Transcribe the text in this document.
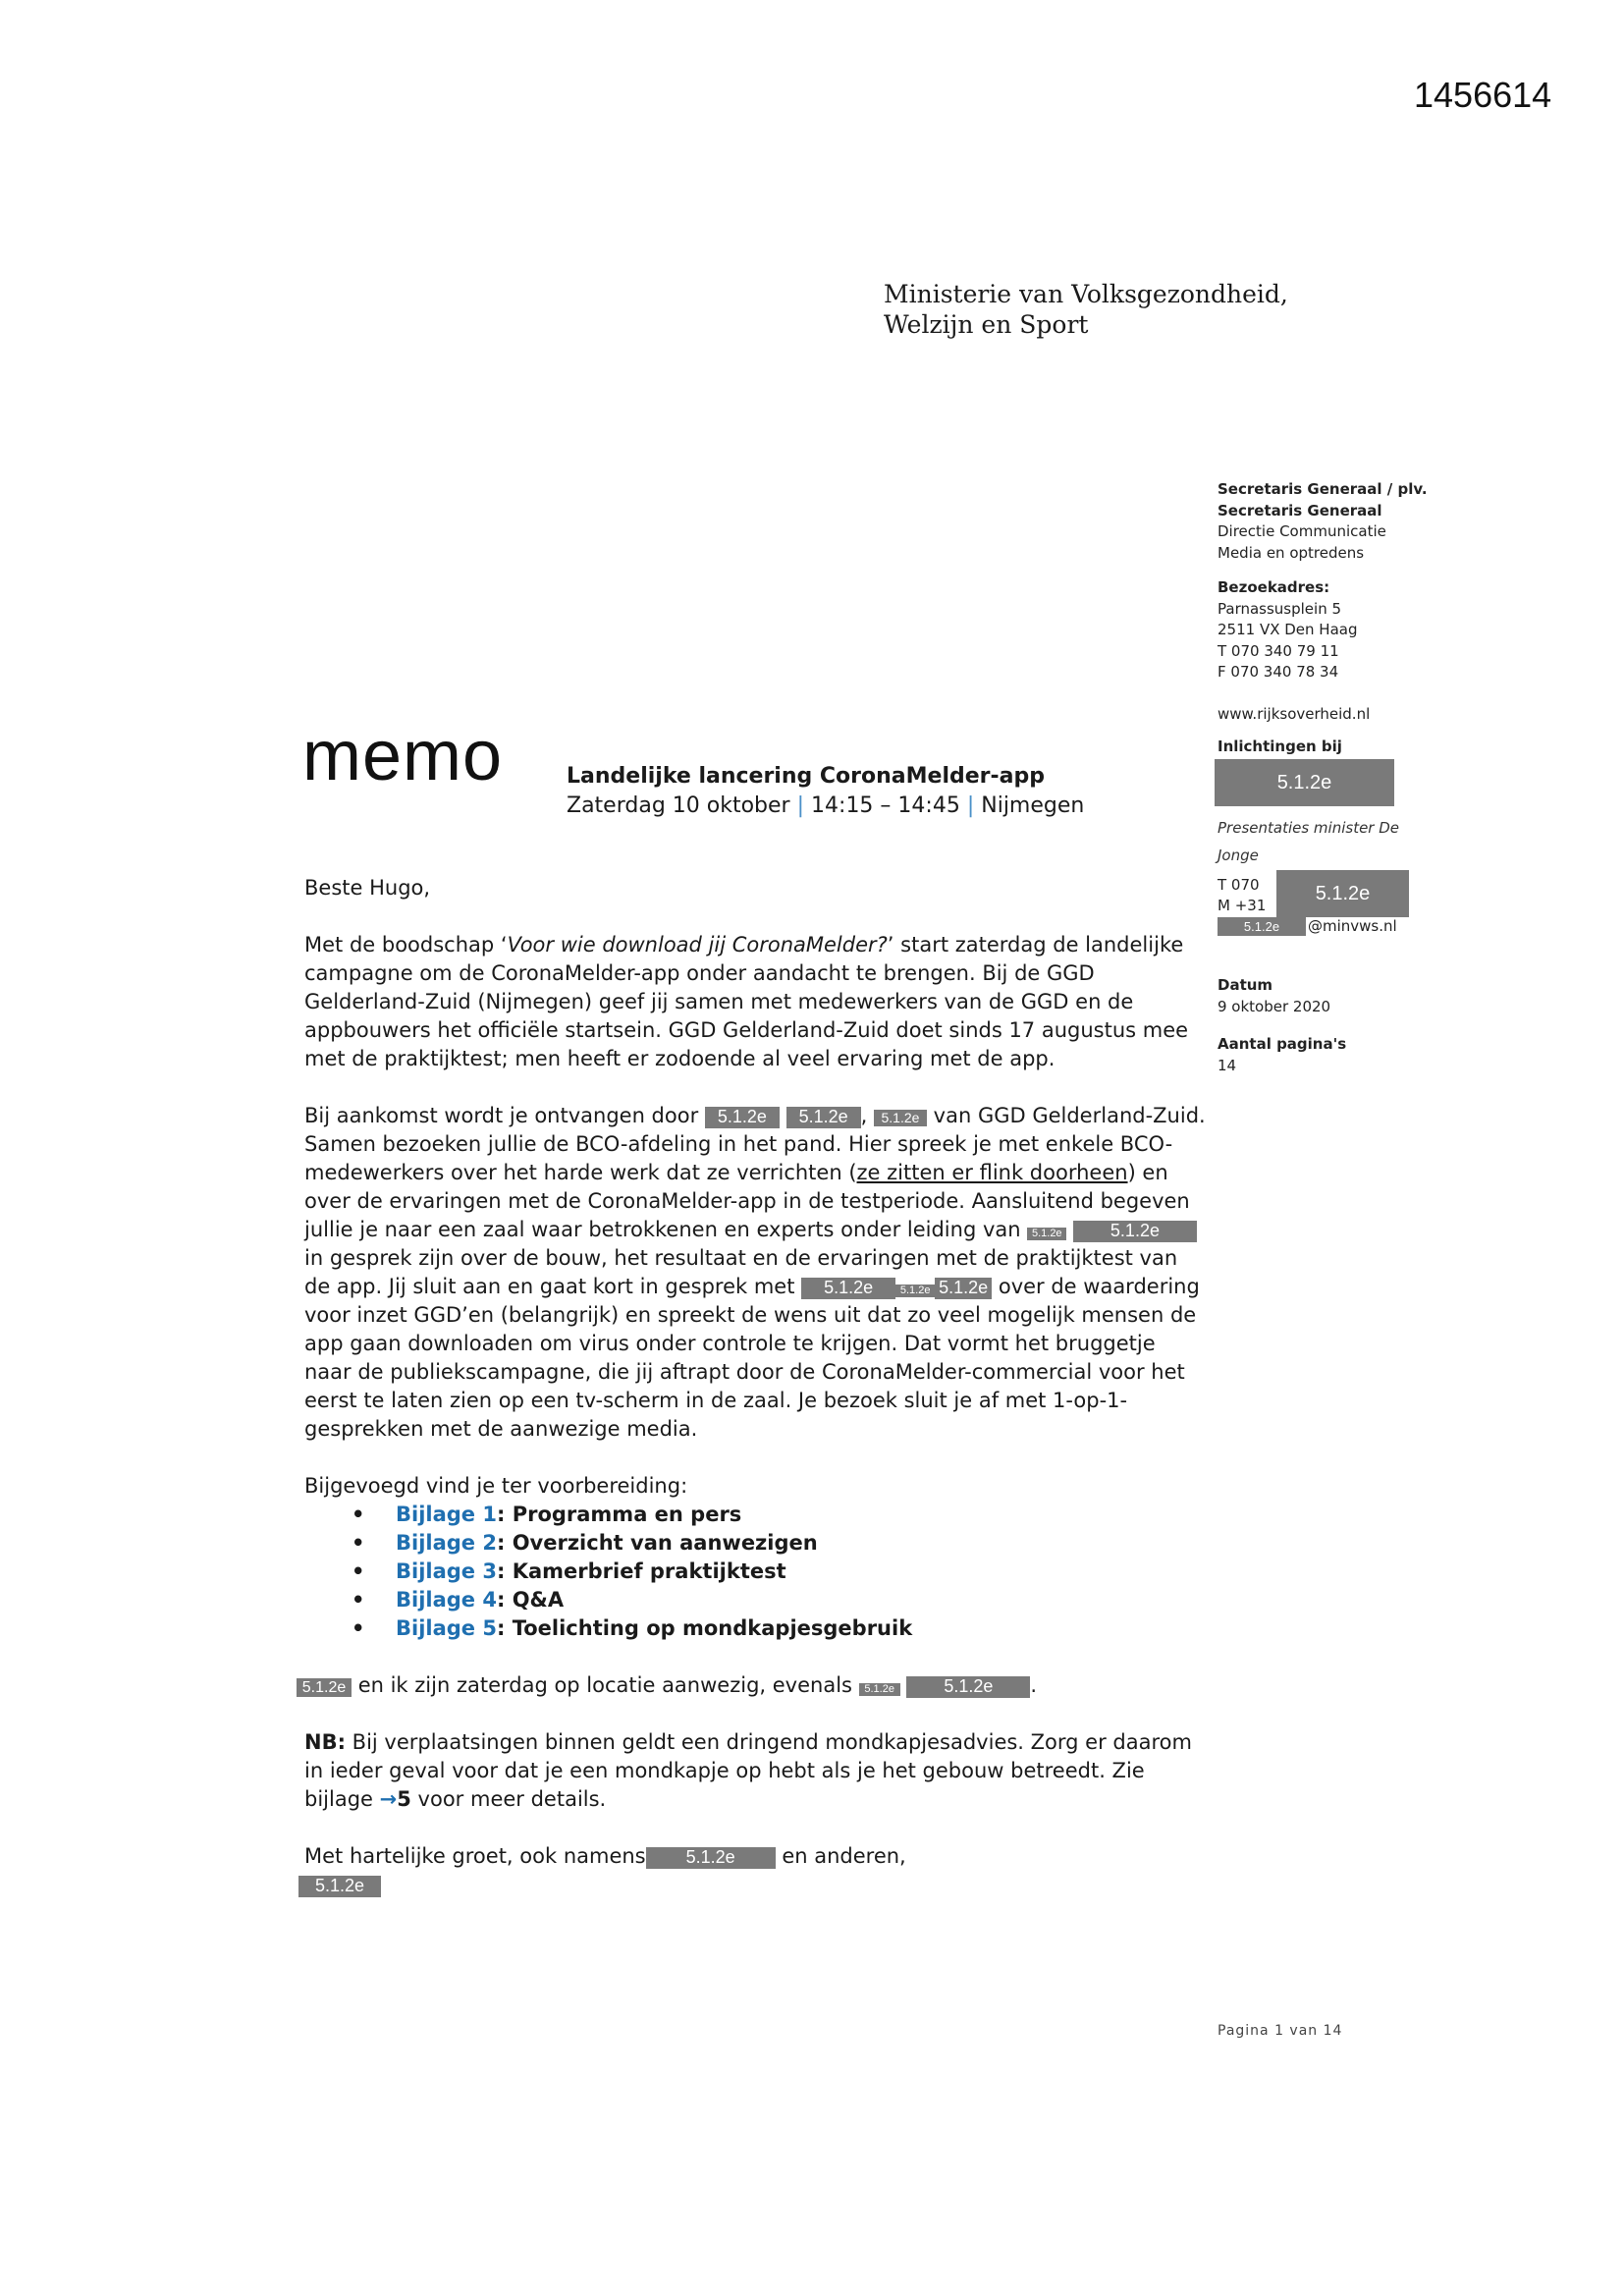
1456614
Ministerie van Volksgezondheid,
Welzijn en Sport
Secretaris Generaal / plv.
Secretaris Generaal
Directie Communicatie
Media en optredens
Bezoekadres:
Parnassusplein 5
2511 VX Den Haag
T 070 340 79 11
F 070 340 78 34
www.rijksoverheid.nl
Inlichtingen bij
5.1.2e
Presentaties minister De
Jonge
T 070
M +31
5.1.2e
5.1.2e	@minvws.nl
Datum
9 oktober 2020
Aantal pagina's
14
memo	Landelijke lancering CoronaMelder-app
Zaterdag 10 oktober | 14:15 – 14:45 | Nijmegen

Beste Hugo,

Met de boodschap ‘Voor wie download jij CoronaMelder?’ start zaterdag de landelijke campagne om de CoronaMelder-app onder aandacht te brengen. Bij de GGD Gelderland-Zuid (Nijmegen) geef jij samen met medewerkers van de GGD en de appbouwers het officiële startsein. GGD Gelderland-Zuid doet sinds 17 augustus mee met de praktijktest; men heeft er zodoende al veel ervaring met de app.

Bij aankomst wordt je ontvangen door 5.1.2e 5.1.2e , 5.1.2e van GGD Gelderland-Zuid. Samen bezoeken jullie de BCO-afdeling in het pand. Hier spreek je met enkele BCO-medewerkers over het harde werk dat ze verrichten (ze zitten er flink doorheen) en over de ervaringen met de CoronaMelder-app in de testperiode. Aansluitend begeven jullie je naar een zaal waar betrokkenen en experts onder leiding van 5.1.2e	5.1.2e in gesprek zijn over de bouw, het resultaat en de ervaringen met de praktijktest van de app. Jij sluit aan en gaat kort in gesprek met 5.1.2e	5.1.2e 5.1.2e over de waardering voor inzet GGD’en (belangrijk) en spreekt de wens uit dat zo veel mogelijk mensen de app gaan downloaden om virus onder controle te krijgen. Dat vormt het bruggetje naar de publiekscampagne, die jij aftrapt door de CoronaMelder-commercial voor het eerst te laten zien op een tv-scherm in de zaal. Je bezoek sluit je af met 1-op-1-gesprekken met de aanwezige media.

Bijgevoegd vind je ter voorbereiding:

• Bijlage 1: Programma en pers
• Bijlage 2: Overzicht van aanwezigen
• Bijlage 3: Kamerbrief praktijktest
• Bijlage 4: Q&A
• Bijlage 5: Toelichting op mondkapjesgebruik

5.1.2e en ik zijn zaterdag op locatie aanwezig, evenals 5.1.2e	5.1.2e .

NB: Bij verplaatsingen binnen geldt een dringend mondkapjesadvies. Zorg er daarom in ieder geval voor dat je een mondkapje op hebt als je het gebouw betreedt. Zie bijlage →5 voor meer details.

Met hartelijke groet, ook namens 5.1.2e en anderen,

5.1.2e

Pagina 1 van 14
